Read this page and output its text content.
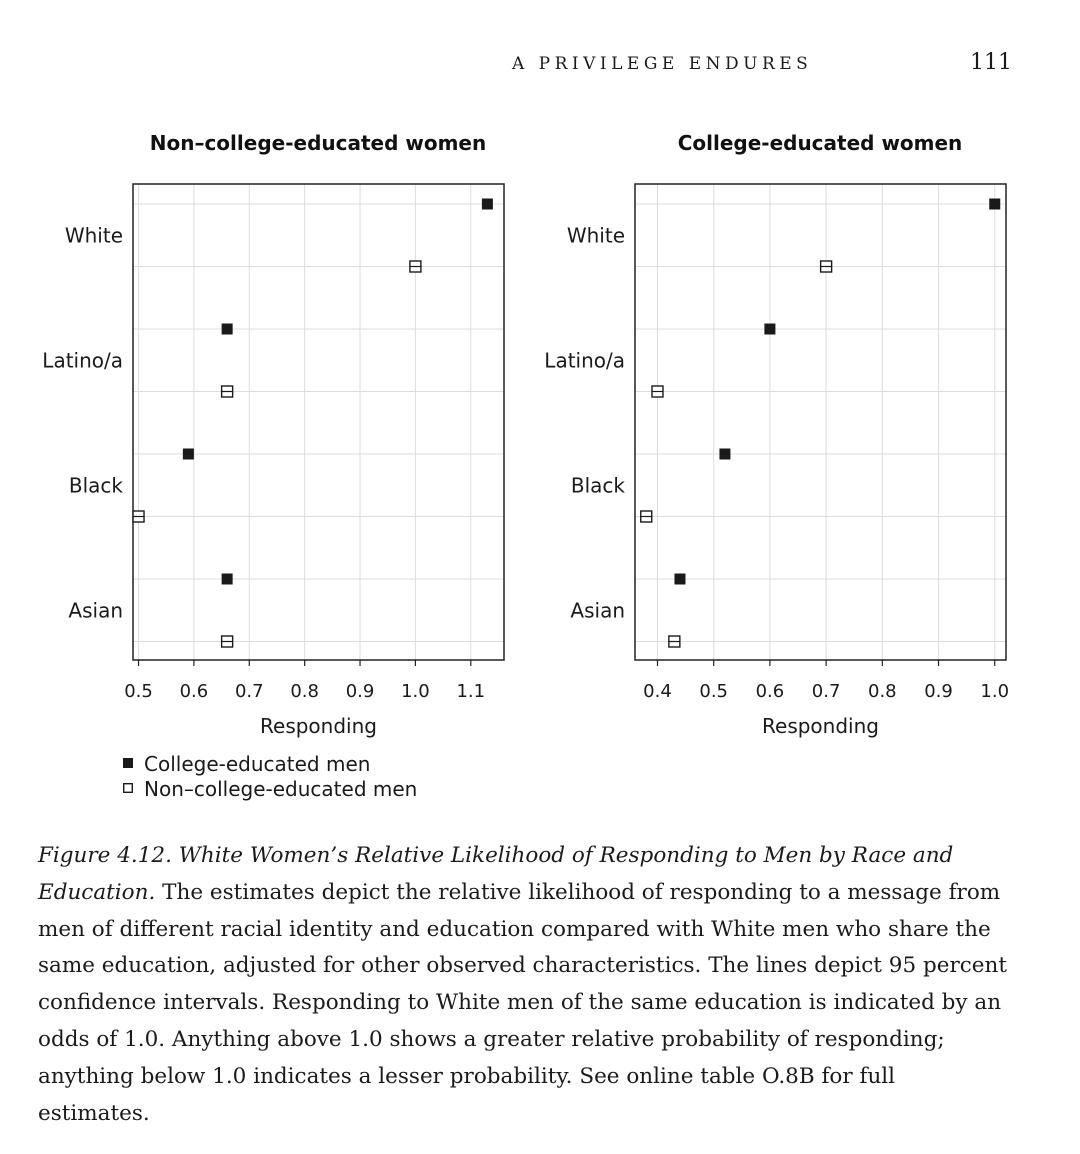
A PRIVILEGE ENDURES	111
Non–college-educated women
White
Latino/a
Black
Asian
0.5 0.6 0.7 0.8 0.9 1.0 1.1
Responding
College-educated women
White
Latino/a
Black
Asian
0.4 0.5 0.6 0.7 0.8 0.9 1.0
Responding
College-educated men
Non–college-educated men

Figure 4.12. White Women’s Relative Likelihood of Responding to Men by Race and Education. The estimates depict the relative likelihood of responding to a message from men of different racial identity and education compared with White men who share the same education, adjusted for other observed characteristics. The lines depict 95 percent confidence intervals. Responding to White men of the same education is indicated by an odds of 1.0. Anything above 1.0 shows a greater relative probability of responding; anything below 1.0 indicates a lesser probability. See online table O.8B for full estimates.
